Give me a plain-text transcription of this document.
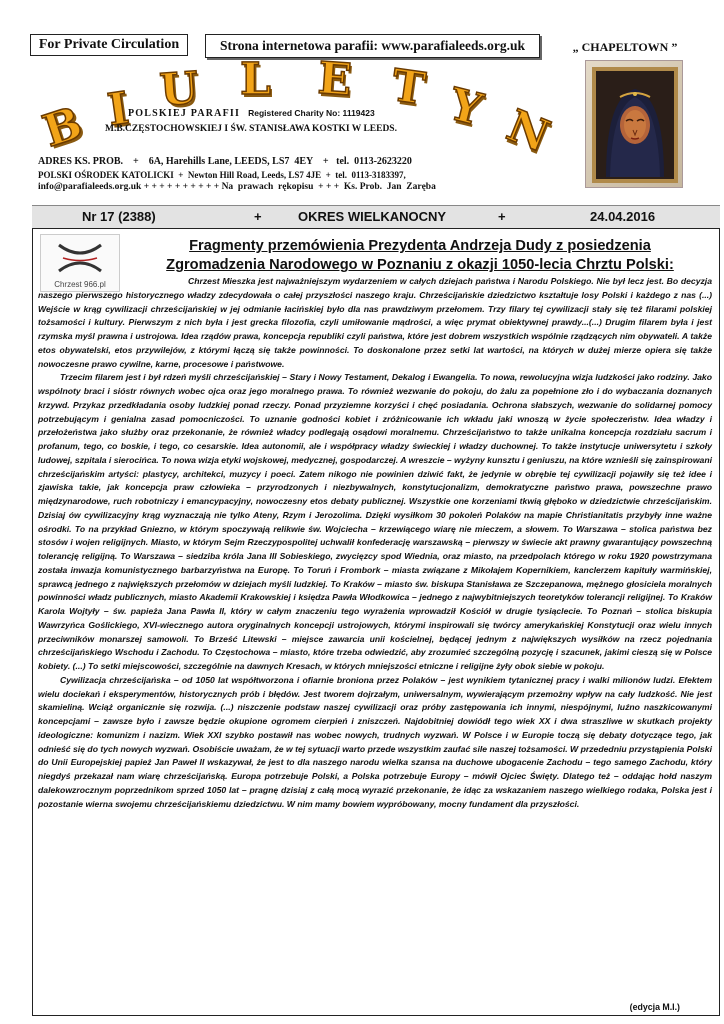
For Private Circulation	Strona internetowa parafii: www.parafialeeds.org.uk	„ CHAPELTOWN ”
B I U L E T Y N
POLSKIEJ PARAFII Registered Charity No: 1119423
M.B.CZĘSTOCHOWSKIEJ I ŚW. STANISŁAWA KOSTKI W LEEDS.
ADRES KS. PROB.    +    6A, Harehills Lane, LEEDS, LS7  4EY    +   tel.  0113-2623220
POLSKI OŚRODEK KATOLICKI  +  Newton Hill Road, Leeds, LS7 4JE  +  tel.  0113-3183397,
info@parafialeeds.org.uk + + + + + + + + + + Na  prawach  rękopisu  + + +  Ks. Prob.  Jan  Zaręba
Nr 17 (2388)	+	OKRES WIELKANOCNY	+	24.04.2016
Chrzest 966.pl
Fragmenty przemówienia Prezydenta Andrzeja Dudy z posiedzenia
Zgromadzenia Narodowego w Poznaniu z okazji 1050-lecia Chrztu Polski:

Chrzest Mieszka jest najważniejszym wydarzeniem w całych dziejach państwa i Narodu Polskiego. Nie był lecz jest. Bo decyzja naszego pierwszego historycznego władzy zdecydowała o całej przyszłości naszego kraju. Chrześcijańskie dziedzictwo kształtuje losy Polski i każdego z nas (...) Wejście w krąg cywilizacji chrześcijańskiej w jej odmianie łacińskiej było dla nas prawdziwym przełomem. Trzy filary tej cywilizacji stały się też filarami polskiej tożsamości i kultury. Pierwszym z nich była i jest grecka filozofia, czyli umiłowanie mądrości, a więc prymat obiektywnej prawdy...(...) Drugim filarem była i jest rzymska myśl prawna i ustrojowa. Idea rządów prawa, koncepcja republiki czyli państwa, które jest dobrem wszystkich wspólnie rządzących nim obywateli. A także etos obywatelski, etos przywilejów, z którymi łączą się także powinności. To doskonalone przez setki lat wartości, na których w dużej mierze opiera się także nowoczesne prawo cywilne, karne, procesowe i państwowe.

Trzecim filarem jest i był rdzeń myśli chrześcijańskiej – Stary i Nowy Testament, Dekalog i Ewangelia. To nowa, rewolucyjna wizja ludzkości jako rodziny. Jako wspólnoty braci i sióstr równych wobec ojca oraz jego moralnego prawa. To również wezwanie do pokoju, do żalu za popełnione zło i do wybaczania doznanych krzywd. Przykaz przedkładania osoby ludzkiej ponad rzeczy. Ponad przyziemne korzyści i chęć posiadania. Ochrona słabszych, wezwanie do solidarnej pomocy potrzebującym i genialna zasad pomocniczości. To uznanie godności kobiet i zróżnicowanie ich wkładu jaki wnoszą w życie społeczeństw. Idea władzy i przełożeństwa jako służby oraz przekonanie, że również władcy podlegają osądowi moralnemu. Chrześcijaństwo to także unikalna koncepcja rozdziału sacrum i profanum, tego, co boskie, i tego, co cesarskie. Idea autonomii, ale i współpracy władzy świeckiej i władzy duchownej. To także instytucje uniwersytetu i szkoły ludowej, szpitala i sierocińca. To nowa wizja etyki wojskowej, medycznej, gospodarczej. A wreszcie – wyżyny kunsztu i geniuszu, na które wznieśli się zainspirowani chrześcijańskim artyści: plastycy, architekci, muzycy i poeci. Zatem nikogo nie powinien dziwić fakt, że jedynie w obrębie tej cywilizacji pojawiły się też idee i zjawiska takie, jak koncepcja praw człowieka – przyrodzonych i niezbywalnych, konstytucjonalizm, demokratyczne państwo prawa, powszechne prawo międzynarodowe, ruch robotniczy i emancypacyjny, nowoczesny etos debaty publicznej. Wszystkie one korzeniami tkwią głęboko w dziedzictwie chrześcijańskim. Dzisiaj ów cywilizacyjny krąg wyznaczają nie tylko Ateny, Rzym i Jerozolima. Dzięki wysiłkom 30 pokoleń Polaków na mapie Christianitatis przybyły inne ważne ośrodki. To na przykład Gniezno, w którym spoczywają relikwie św. Wojciecha – krzewiącego wiarę nie mieczem, a słowem. To Warszawa – stolica państwa bez stosów i wojen religijnych. Miasto, w którym Sejm Rzeczypospolitej uchwalił konfederację warszawską – pierwszy w świecie akt prawny gwarantujący powszechną tolerancję religijną. To Warszawa – siedziba króla Jana III Sobieskiego, zwycięzcy spod Wiednia, oraz miasto, na przedpolach którego w roku 1920 powstrzymana została inwazja komunistycznego barbarzyństwa na Europę. To Toruń i Frombork – miasta związane z Mikołajem Kopernikiem, kanclerzem kapituły warmińskiej, sprawcą jednego z największych przełomów w dziejach myśli ludzkiej. To Kraków – miasto św. biskupa Stanisława ze Szczepanowa, mężnego głosiciela moralnych powinności władz publicznych, miasto Akademii Krakowskiej i księdza Pawła Włodkowica – jednego z najwybitniejszych teoretyków tolerancji religijnej. To Kraków Karola Wojtyły – św. papieża Jana Pawła II, który w całym znaczeniu tego wyrażenia wprowadził Kościół w drugie tysiąclecie. To Poznań – stolica biskupia Wawrzyńca Goślickiego, XVI-wiecznego autora oryginalnych koncepcji ustrojowych, którymi inspirowali się twórcy amerykańskiej Konstytucji oraz wielu innych przeciwników monarszej samowoli. To Brześć Litewski – miejsce zawarcia unii kościelnej, będącej jednym z największych wysiłków na rzecz pojednania chrześcijańskiego Wschodu i Zachodu. To Częstochowa – miasto, które trzeba odwiedzić, aby zrozumieć szczególną pozycję i szacunek, jakimi cieszą się w Polsce kobiety. (...) To setki miejscowości, szczególnie na dawnych Kresach, w których mniejszości etniczne i religijne żyły obok siebie w pokoju.

Cywilizacja chrześcijańska – od 1050 lat współtworzona i ofiarnie broniona przez Polaków – jest wynikiem tytanicznej pracy i walki milionów ludzi. Efektem wielu dociekań i eksperymentów, historycznych prób i błędów. Jest tworem dojrzałym, uniwersalnym, wywierającym przemożny wpływ na cały ludzkość. Nie jest skamieliną. Wciąż organicznie się rozwija. (...) niszczenie podstaw naszej cywilizacji oraz próby zastępowania ich innymi, niespójnymi, luźno naszkicowanymi koncepcjami – zawsze było i zawsze będzie okupione ogromem cierpień i zniszczeń. Najdobitniej dowiódł tego wiek XX i dwa straszliwe w skutkach projekty ideologiczne: komunizm i nazizm. Wiek XXI szybko postawił nas wobec nowych, trudnych wyzwań. W Polsce i w Europie toczą się debaty dotyczące tego, jak odnieść się do tych nowych wyzwań. Osobiście uważam, że w tej sytuacji warto przede wszystkim zaufać sile naszej tożsamości. W przededniu przystąpienia Polski do Unii Europejskiej papież Jan Paweł II wskazywał, że jest to dla naszego narodu wielka szansa na duchowe ubogacenie Zachodu – tego samego Zachodu, który niegdyś przekazał nam wiarę chrześcijańską. Europa potrzebuje Polski, a Polska potrzebuje Europy – mówił Ojciec Święty. Dlatego też – oddając hołd naszym dalekowzrocznym poprzednikom sprzed 1050 lat – pragnę dzisiaj z całą mocą wyrazić przekonanie, że idąc za wskazaniem naszego wielkiego rodaka, Polska jest i pozostanie wierna swojemu chrześcijańskiemu dziedzictwu. W nim mamy bowiem wypróbowany, mocny fundament dla przyszłości.

(edycja M.I.)
